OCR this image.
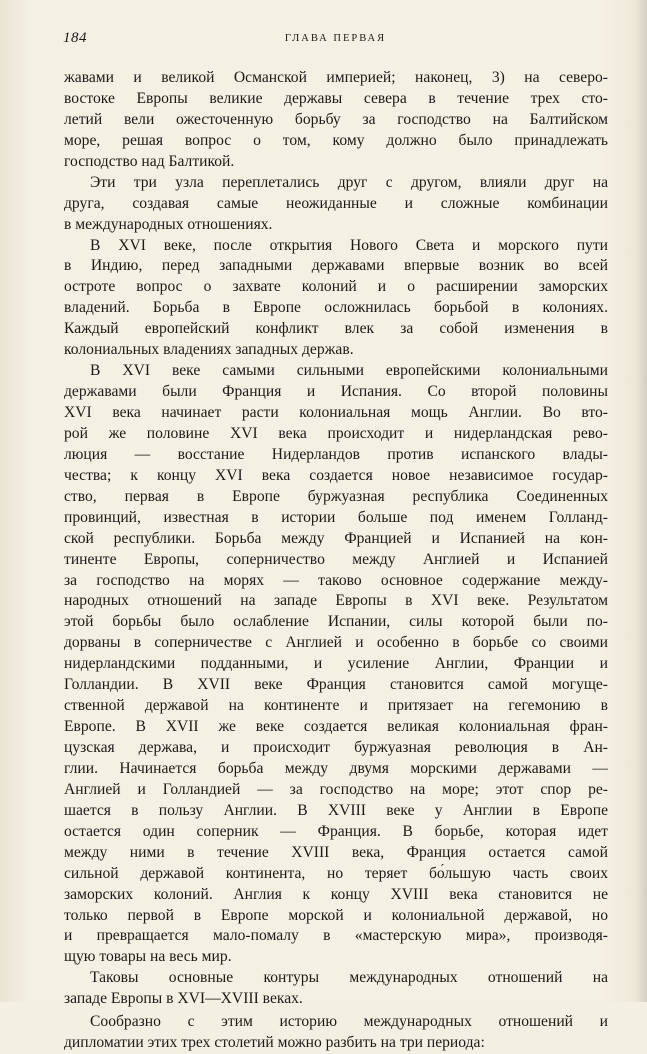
184	ГЛАВА ПЕРВАЯ
жавами и великой Османской империей; наконец, 3) на северо-
востоке Европы великие державы севера в течение трех сто-
летий вели ожесточенную борьбу за господство на Балтийском
море, решая вопрос о том, кому должно было принадлежать
господство над Балтикой.
Эти три узла переплетались друг с другом, влияли друг на
друга, создавая самые неожиданные и сложные комбинации
в международных отношениях.
В XVI веке, после открытия Нового Света и морского пути
в Индию, перед западными державами впервые возник во всей
остроте вопрос о захвате колоний и о расширении заморских
владений. Борьба в Европе осложнилась борьбой в колониях.
Каждый европейский конфликт влек за собой изменения в
колониальных владениях западных держав.
В XVI веке самыми сильными европейскими колониальными
державами были Франция и Испания. Со второй половины
XVI века начинает расти колониальная мощь Англии. Во вто-
рой же половине XVI века происходит и нидерландская рево-
люция — восстание Нидерландов против испанского влады-
чества; к концу XVI века создается новое независимое государ-
ство, первая в Европе буржуазная республика Соединенных
провинций, известная в истории больше под именем Голланд-
ской республики. Борьба между Францией и Испанией на кон-
тиненте Европы, соперничество между Англией и Испанией
за господство на морях — таково основное содержание между-
народных отношений на западе Европы в XVI веке. Результатом
этой борьбы было ослабление Испании, силы которой были по-
дорваны в соперничестве с Англией и особенно в борьбе со своими
нидерландскими подданными, и усиление Англии, Франции и
Голландии. В XVII веке Франция становится самой могуще-
ственной державой на континенте и притязает на гегемонию в
Европе. В XVII же веке создается великая колониальная фран-
цузская держава, и происходит буржуазная революция в Ан-
глии. Начинается борьба между двумя морскими державами —
Англией и Голландией — за господство на море; этот спор ре-
шается в пользу Англии. В XVIII веке у Англии в Европе
остается один соперник — Франция. В борьбе, которая идет
между ними в течение XVIII века, Франция остается самой
сильной державой континента, но теряет бо́льшую часть своих
заморских колоний. Англия к концу XVIII века становится не
только первой в Европе морской и колониальной державой, но
и превращается мало-помалу в «мастерскую мира», производя-
щую товары на весь мир.
Таковы основные контуры международных отношений на
западе Европы в XVI—XVIII веках.
Сообразно с этим историю международных отношений и
дипломатии этих трех столетий можно разбить на три периода:
